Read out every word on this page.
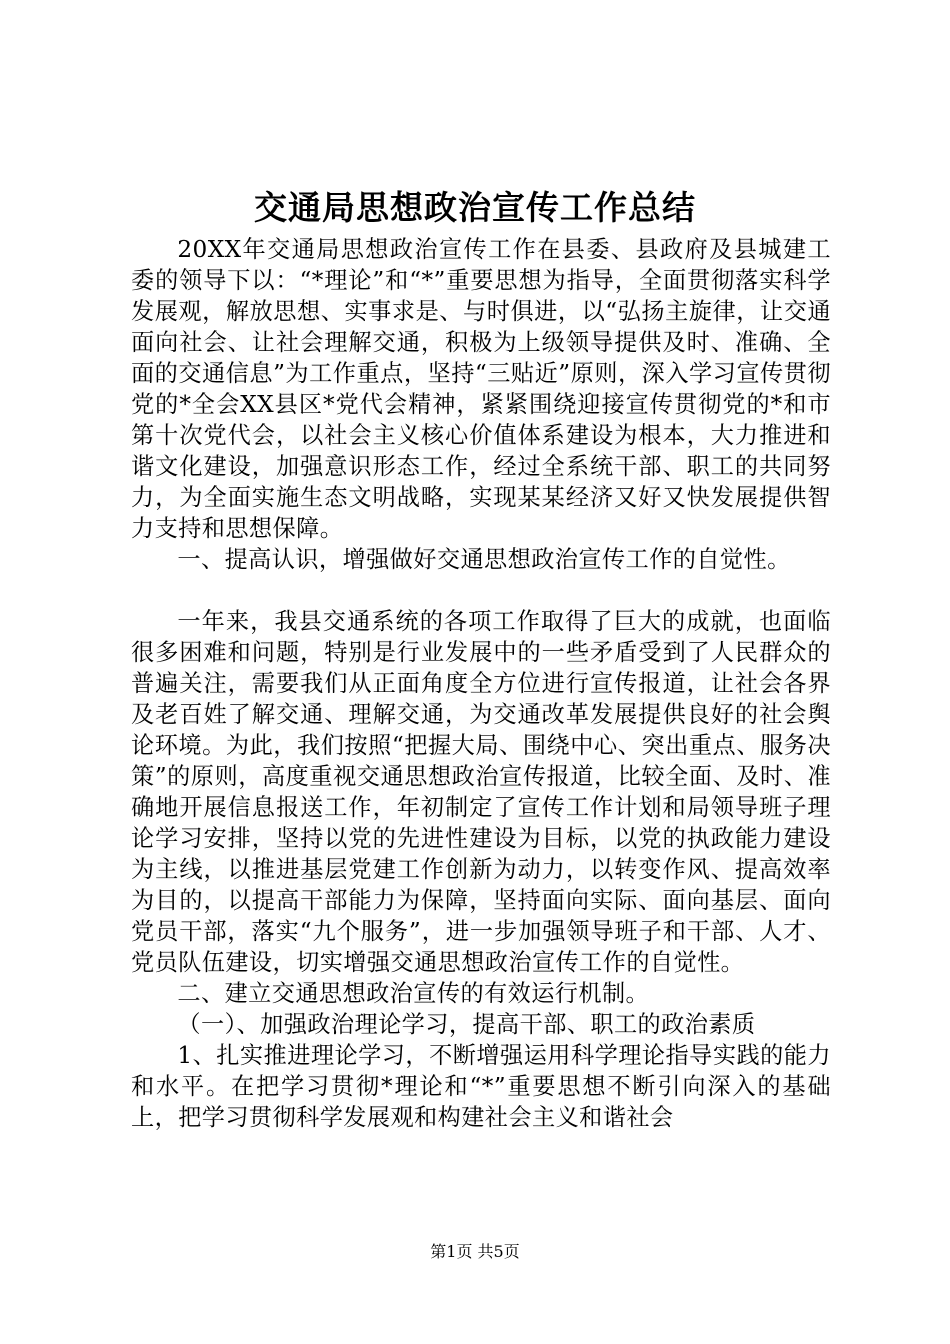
交通局思想政治宣传工作总结

20XX年交通局思想政治宣传工作在县委、县政府及县城建工委的领导下以：“*理论”和“*”重要思想为指导，全面贯彻落实科学发展观，解放思想、实事求是、与时俱进，以“弘扬主旋律，让交通面向社会、让社会理解交通，积极为上级领导提供及时、准确、全面的交通信息”为工作重点，坚持“三贴近”原则，深入学习宣传贯彻党的*全会XX县区*党代会精神，紧紧围绕迎接宣传贯彻党的*和市第十次党代会，以社会主义核心价值体系建设为根本，大力推进和谐文化建设，加强意识形态工作，经过全系统干部、职工的共同努力，为全面实施生态文明战略，实现某某经济又好又快发展提供智力支持和思想保障。

一、提高认识，增强做好交通思想政治宣传工作的自觉性。

一年来，我县交通系统的各项工作取得了巨大的成就，也面临很多困难和问题，特别是行业发展中的一些矛盾受到了人民群众的普遍关注，需要我们从正面角度全方位进行宣传报道，让社会各界及老百姓了解交通、理解交通，为交通改革发展提供良好的社会舆论环境。为此，我们按照“把握大局、围绕中心、突出重点、服务决策”的原则，高度重视交通思想政治宣传报道，比较全面、及时、准确地开展信息报送工作，年初制定了宣传工作计划和局领导班子理论学习安排，坚持以党的先进性建设为目标，以党的执政能力建设为主线，以推进基层党建工作创新为动力，以转变作风、提高效率为目的，以提高干部能力为保障，坚持面向实际、面向基层、面向党员干部，落实“九个服务”，进一步加强领导班子和干部、人才、党员队伍建设，切实增强交通思想政治宣传工作的自觉性。

二、建立交通思想政治宣传的有效运行机制。

（一）、加强政治理论学习，提高干部、职工的政治素质

1、扎实推进理论学习，不断增强运用科学理论指导实践的能力和水平。在把学习贯彻*理论和“*”重要思想不断引向深入的基础上，把学习贯彻科学发展观和构建社会主义和谐社会

第1页 共5页
